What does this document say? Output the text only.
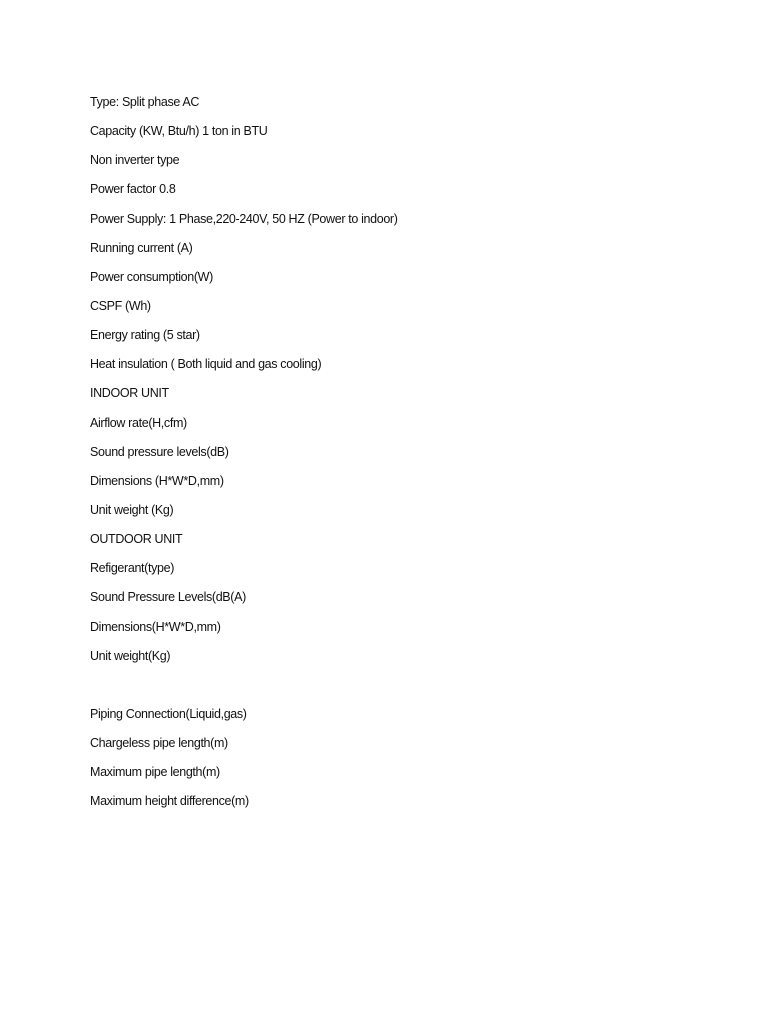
Type: Split phase AC
Capacity (KW, Btu/h) 1 ton in BTU
Non inverter type
Power factor 0.8
Power Supply: 1 Phase,220-240V, 50 HZ (Power to indoor)
Running current (A)
Power consumption(W)
CSPF (Wh)
Energy rating (5 star)
Heat insulation ( Both liquid and gas cooling)
INDOOR UNIT
Airflow rate(H,cfm)
Sound pressure levels(dB)
Dimensions (H*W*D,mm)
Unit weight (Kg)
OUTDOOR UNIT
Refigerant(type)
Sound Pressure Levels(dB(A)
Dimensions(H*W*D,mm)
Unit weight(Kg)
Piping Connection(Liquid,gas)
Chargeless pipe length(m)
Maximum pipe length(m)
Maximum height difference(m)
